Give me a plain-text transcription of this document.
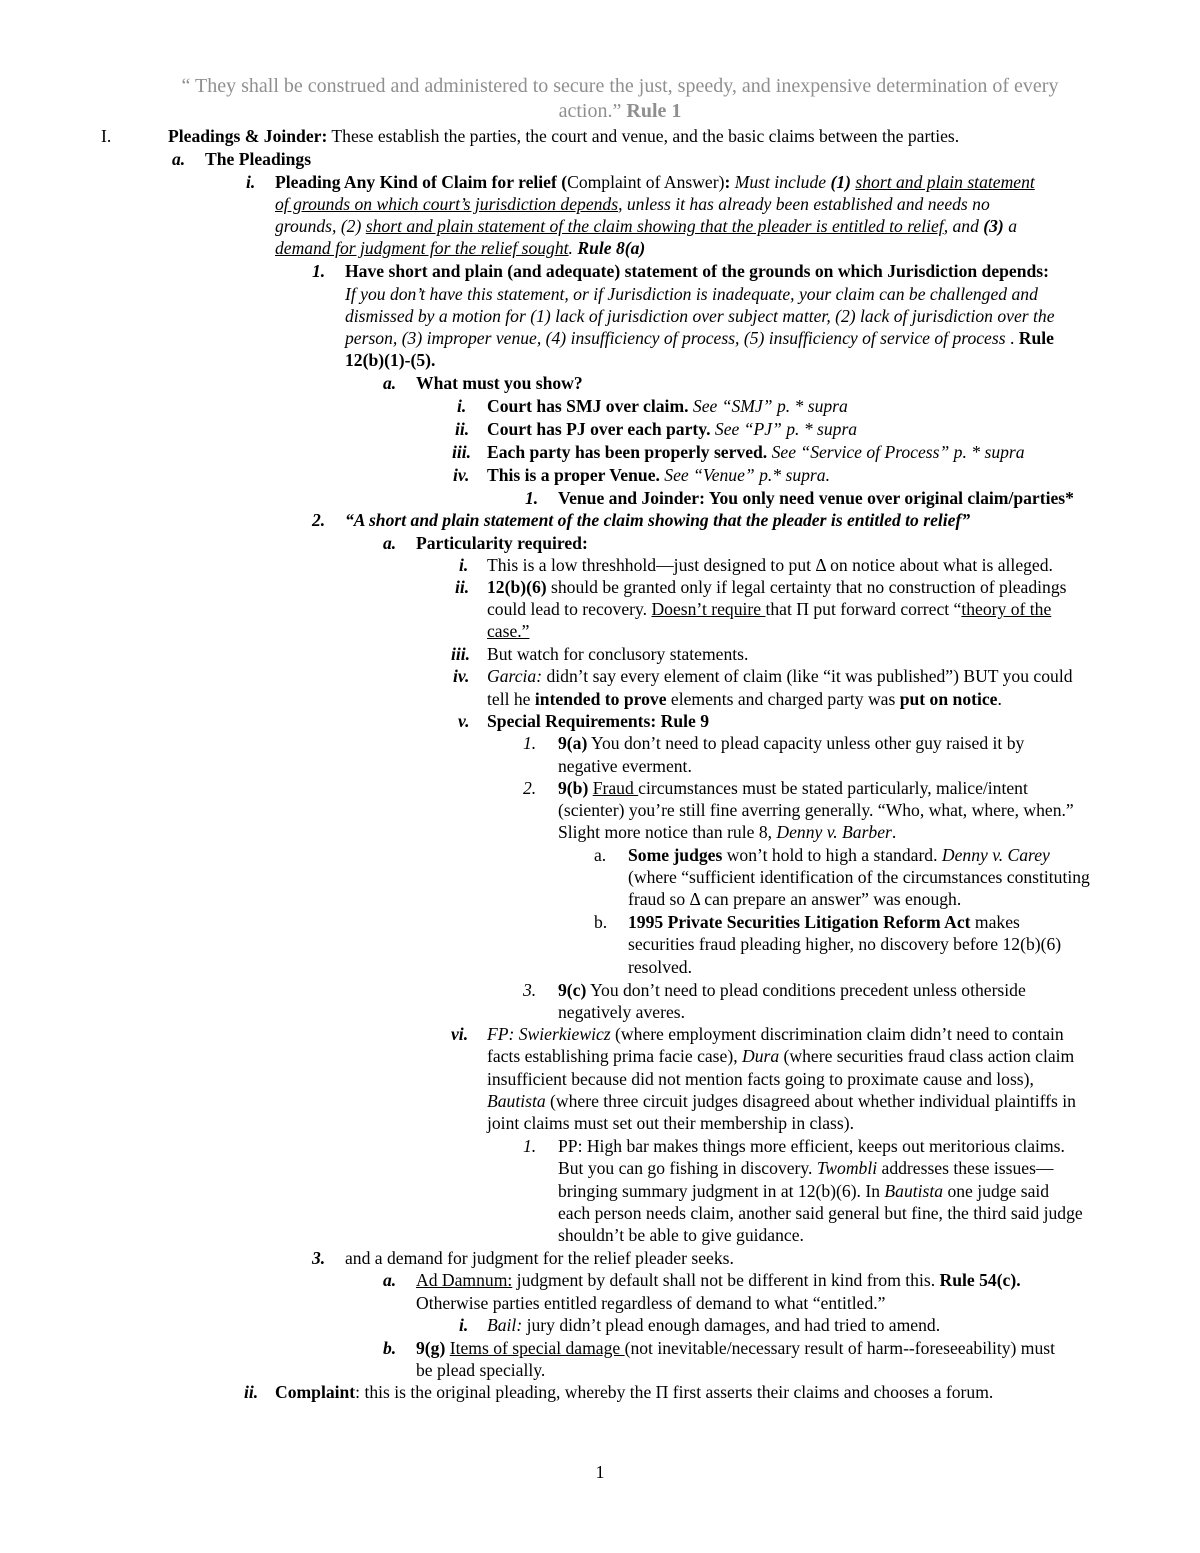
“ They shall be construed and administered to secure the just, speedy, and inexpensive determination of every
action.” Rule 1
I.	Pleadings & Joinder: These establish the parties, the court and venue, and the basic claims between the parties.
a. The Pleadings
i. Pleading Any Kind of Claim for relief (Complaint of Answer): Must include (1) short and plain statement
of grounds on which court’s jurisdiction depends, unless it has already been established and needs no
grounds, (2) short and plain statement of the claim showing that the pleader is entitled to relief, and (3) a
demand for judgment for the relief sought. Rule 8(a)
1. Have short and plain (and adequate) statement of the grounds on which Jurisdiction depends:
If you don’t have this statement, or if Jurisdiction is inadequate, your claim can be challenged and
dismissed by a motion for (1) lack of jurisdiction over subject matter, (2) lack of jurisdiction over the
person, (3) improper venue, (4) insufficiency of process, (5) insufficiency of service of process . Rule
12(b)(1)-(5).
a. What must you show?
i. Court has SMJ over claim. See “SMJ” p. * supra
ii. Court has PJ over each party. See “PJ” p. * supra
iii. Each party has been properly served. See “Service of Process” p. * supra
iv. This is a proper Venue. See “Venue” p.* supra.
1. Venue and Joinder: You only need venue over original claim/parties*
2. “A short and plain statement of the claim showing that the pleader is entitled to relief”
a. Particularity required:
i. This is a low threshhold—just designed to put Δ on notice about what is alleged.
ii. 12(b)(6) should be granted only if legal certainty that no construction of pleadings
could lead to recovery. Doesn’t require that Π put forward correct “theory of the
case.”
iii. But watch for conclusory statements.
iv. Garcia: didn’t say every element of claim (like “it was published”) BUT you could
tell he intended to prove elements and charged party was put on notice.
v. Special Requirements: Rule 9
1. 9(a) You don’t need to plead capacity unless other guy raised it by
negative everment.
2. 9(b) Fraud circumstances must be stated particularly, malice/intent
(scienter) you’re still fine averring generally. “Who, what, where, when.”
Slight more notice than rule 8, Denny v. Barber.
a. Some judges won’t hold to high a standard. Denny v. Carey
(where “sufficient identification of the circumstances constituting
fraud so Δ can prepare an answer” was enough.
b. 1995 Private Securities Litigation Reform Act makes
securities fraud pleading higher, no discovery before 12(b)(6)
resolved.
3. 9(c) You don’t need to plead conditions precedent unless otherside
negatively averes.
vi. FP: Swierkiewicz (where employment discrimination claim didn’t need to contain
facts establishing prima facie case), Dura (where securities fraud class action claim
insufficient because did not mention facts going to proximate cause and loss),
Bautista (where three circuit judges disagreed about whether individual plaintiffs in
joint claims must set out their membership in class).
1. PP: High bar makes things more efficient, keeps out meritorious claims.
But you can go fishing in discovery. Twombli addresses these issues—
bringing summary judgment in at 12(b)(6). In Bautista one judge said
each person needs claim, another said general but fine, the third said judge
shouldn’t be able to give guidance.
3. and a demand for judgment for the relief pleader seeks.
a. Ad Damnum: judgment by default shall not be different in kind from this. Rule 54(c).
Otherwise parties entitled regardless of demand to what “entitled.”
i. Bail: jury didn’t plead enough damages, and had tried to amend.
b. 9(g) Items of special damage (not inevitable/necessary result of harm--foreseeability) must
be plead specially.
ii. Complaint: this is the original pleading, whereby the Π first asserts their claims and chooses a forum.
1
